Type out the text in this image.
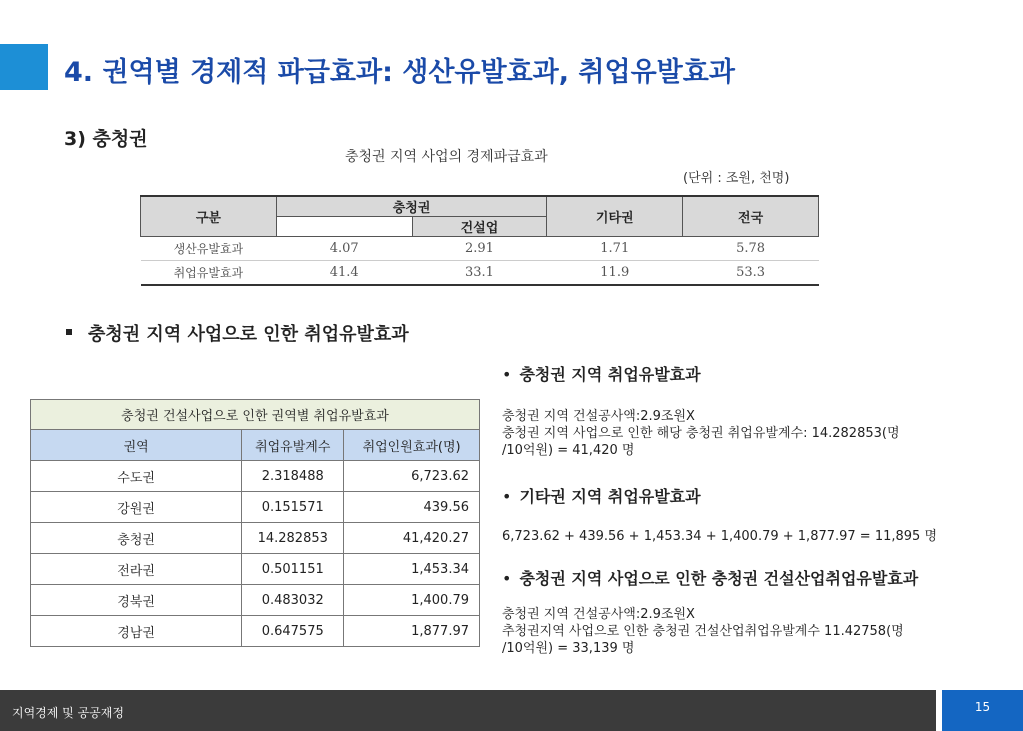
4. 권역별 경제적 파급효과: 생산유발효과, 취업유발효과
3) 충청권
충청권 지역 사업의 경제파급효과
(단위 : 조원, 천명)
구분	충청권		기타권	전국
		건설업		
생산유발효과	4.07	2.91	1.71	5.78
취업유발효과	41.4	33.1	11.9	53.3
충청권 지역 사업으로 인한 취업유발효과
충청권 건설사업으로 인한 권역별 취업유발효과		
권역	취업유발계수	취업인원효과(명)
수도권	2.318488	6,723.62
강원권	0.151571	439.56
충청권	14.282853	41,420.27
전라권	0.501151	1,453.34
경북권	0.483032	1,400.79
경남권	0.647575	1,877.97
• 충청권 지역 취업유발효과
충청권 지역 건설공사액:2.9조원X
충청권 지역 사업으로 인한 해당 충청권 취업유발계수: 14.282853(명
/10억원) = 41,420 명
• 기타권 지역 취업유발효과
6,723.62 + 439.56 + 1,453.34 + 1,400.79 + 1,877.97 = 11,895 명
• 충청권 지역 사업으로 인한 충청권 건설산업취업유발효과
충청권 지역 건설공사액:2.9조원X
추청권지역 사업으로 인한 충청권 건설산업취업유발계수 11.42758(명
/10억원) = 33,139 명
지역경제 및 공공재정	15
